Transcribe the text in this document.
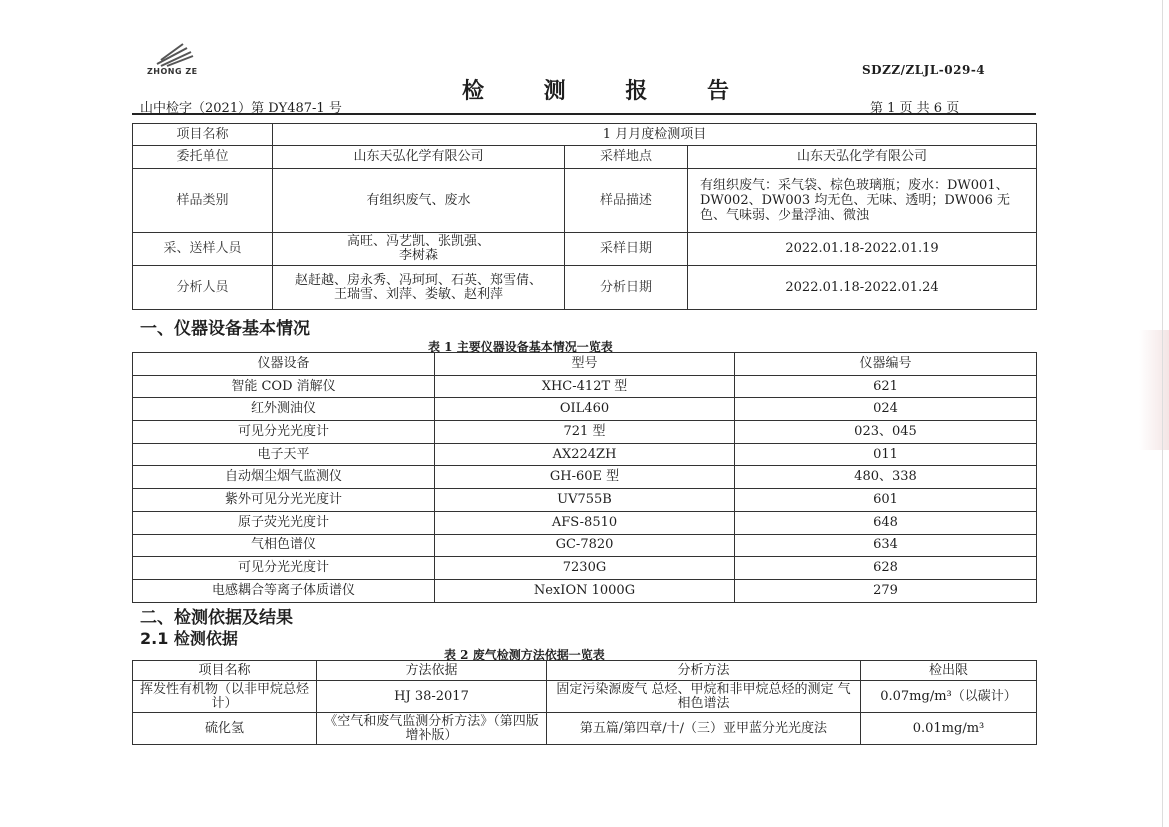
ZHONG ZE	SDZZ/ZLJL-029-4
检 测 报 告
山中检字（2021）第 DY487-1 号	第 1 页 共 6 页
项目名称	1 月月度检测项目		
委托单位	山东天弘化学有限公司	采样地点	山东天弘化学有限公司
样品类别	有组织废气、废水	样品描述	有组织废气：采气袋、棕色玻璃瓶；废水：DW001、DW002、DW003 均无色、无味、透明；DW006 无色、气味弱、少量浮油、微浊
采、送样人员	高旺、冯艺凯、张凯强、李树森	采样日期	2022.01.18-2022.01.19
分析人员	赵赶越、房永秀、冯珂珂、石英、郑雪倩、王瑞雪、刘萍、娄敏、赵利萍	分析日期	2022.01.18-2022.01.24
一、仪器设备基本情况
表 1 主要仪器设备基本情况一览表
仪器设备	型号	仪器编号
智能 COD 消解仪	XHC-412T 型	621
红外测油仪	OIL460	024
可见分光光度计	721 型	023、045
电子天平	AX224ZH	011
自动烟尘烟气监测仪	GH-60E 型	480、338
紫外可见分光光度计	UV755B	601
原子荧光光度计	AFS-8510	648
气相色谱仪	GC-7820	634
可见分光光度计	7230G	628
电感耦合等离子体质谱仪	NexION 1000G	279
二、检测依据及结果
2.1 检测依据
表 2 废气检测方法依据一览表
项目名称	方法依据	分析方法	检出限
挥发性有机物（以非甲烷总烃计）	HJ 38-2017	固定污染源废气 总烃、甲烷和非甲烷总烃的测定 气相色谱法	0.07mg/m³（以碳计）
硫化氢	《空气和废气监测分析方法》（第四版增补版）	第五篇/第四章/十/（三）亚甲蓝分光光度法	0.01mg/m³
